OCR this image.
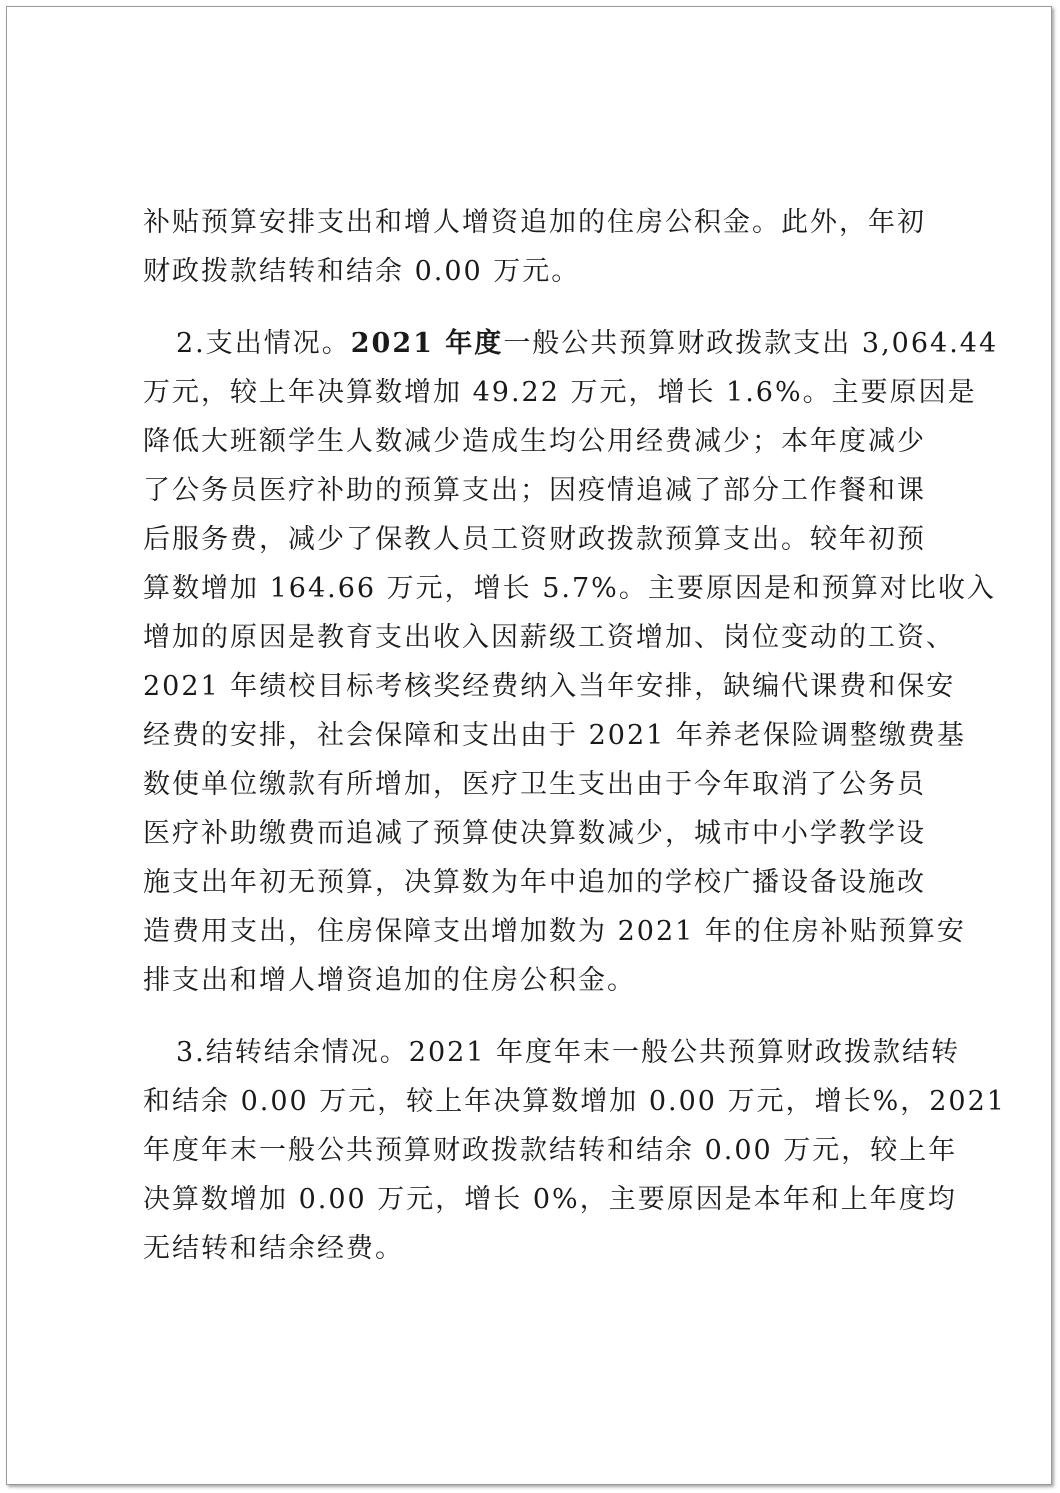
补贴预算安排支出和增人增资追加的住房公积金。此外，年初
财政拨款结转和结余 0.00 万元。
2.支出情况。2021 年度一般公共预算财政拨款支出 3,064.44
万元，较上年决算数增加 49.22 万元，增长 1.6%。主要原因是
降低大班额学生人数减少造成生均公用经费减少；本年度减少
了公务员医疗补助的预算支出；因疫情追减了部分工作餐和课
后服务费，减少了保教人员工资财政拨款预算支出。较年初预
算数增加 164.66 万元，增长 5.7%。主要原因是和预算对比收入
增加的原因是教育支出收入因薪级工资增加、岗位变动的工资、
2021 年绩校目标考核奖经费纳入当年安排，缺编代课费和保安
经费的安排，社会保障和支出由于 2021 年养老保险调整缴费基
数使单位缴款有所增加，医疗卫生支出由于今年取消了公务员
医疗补助缴费而追减了预算使决算数减少，城市中小学教学设
施支出年初无预算，决算数为年中追加的学校广播设备设施改
造费用支出，住房保障支出增加数为 2021 年的住房补贴预算安
排支出和增人增资追加的住房公积金。
3.结转结余情况。2021 年度年末一般公共预算财政拨款结转
和结余 0.00 万元，较上年决算数增加 0.00 万元，增长%，2021
年度年末一般公共预算财政拨款结转和结余 0.00 万元，较上年
决算数增加 0.00 万元，增长 0%，主要原因是本年和上年度均
无结转和结余经费。
